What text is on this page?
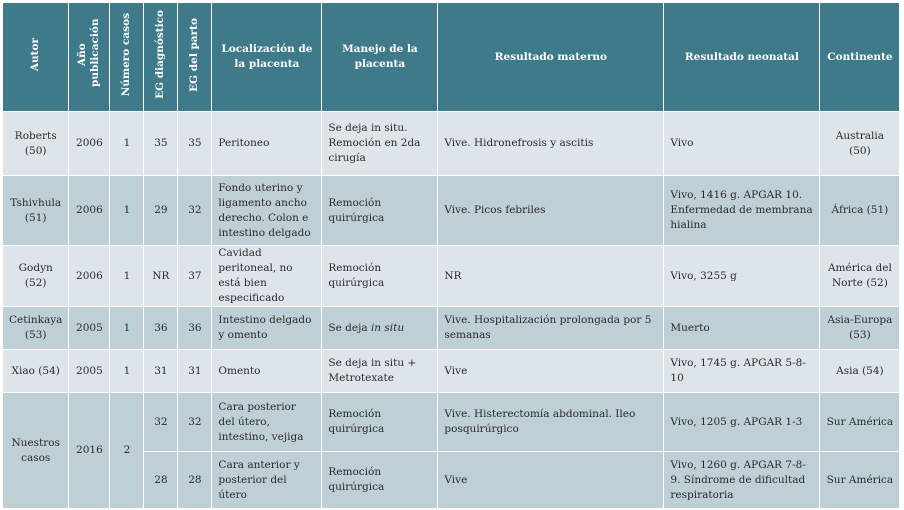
Autor	Año publicación	Número casos	EG diagnóstico	EG del parto	Localización de la placenta	Manejo de la placenta	Resultado materno	Resultado neonatal	Continente
Roberts (50)	2006	1	35	35	Peritoneo	Se deja in situ. Remoción en 2da cirugía	Vive. Hidronefrosis y ascitis	Vivo	Australia (50)
Tshivhula (51)	2006	1	29	32	Fondo uterino y ligamento ancho derecho. Colon e intestino delgado	Remoción quirúrgica	Vive. Picos febriles	Vivo, 1416 g. APGAR 10. Enfermedad de membrana hialina	África (51)
Godyn (52)	2006	1	NR	37	Cavidad peritoneal, no está bien especificado	Remoción quirúrgica	NR	Vivo, 3255 g	América del Norte (52)
Cetinkaya (53)	2005	1	36	36	Intestino delgado y omento	Se deja in situ	Vive. Hospitalización prolongada por 5 semanas	Muerto	Asia-Europa (53)
Xiao (54)	2005	1	31	31	Omento	Se deja in situ + Metrotexate	Vive	Vivo, 1745 g. APGAR 5-8-10	Asia (54)
Nuestros casos	2016	2	32	32	Cara posterior del útero, intestino, vejiga	Remoción quirúrgica	Vive. Histerectomía abdominal. Ileo posquirúrgico	Vivo, 1205 g. APGAR 1-3	Sur América
			28	28	Cara anterior y posterior del útero	Remoción quirúrgica	Vive	Vivo, 1260 g. APGAR 7-8-9. Síndrome de dificultad respiratoria	Sur América
